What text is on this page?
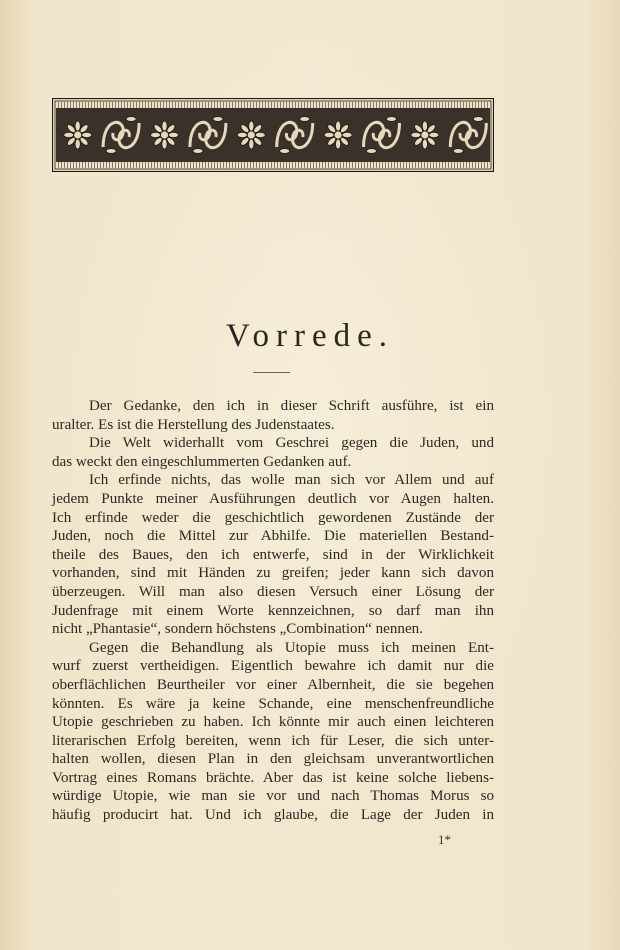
Vorrede.
Der Gedanke, den ich in dieser Schrift ausführe, ist ein
uralter. Es ist die Herstellung des Judenstaates.
Die Welt widerhallt vom Geschrei gegen die Juden, und
das weckt den eingeschlummerten Gedanken auf.
Ich erfinde nichts, das wolle man sich vor Allem und auf
jedem Punkte meiner Ausführungen deutlich vor Augen halten.
Ich erfinde weder die geschichtlich gewordenen Zustände der
Juden, noch die Mittel zur Abhilfe. Die materiellen Bestand-
theile des Baues, den ich entwerfe, sind in der Wirklichkeit
vorhanden, sind mit Händen zu greifen; jeder kann sich davon
überzeugen. Will man also diesen Versuch einer Lösung der
Judenfrage mit einem Worte kennzeichnen, so darf man ihn
nicht „Phantasie“, sondern höchstens „Combination“ nennen.
Gegen die Behandlung als Utopie muss ich meinen Ent-
wurf zuerst vertheidigen. Eigentlich bewahre ich damit nur die
oberflächlichen Beurtheiler vor einer Albernheit, die sie begehen
könnten. Es wäre ja keine Schande, eine menschenfreundliche
Utopie geschrieben zu haben. Ich könnte mir auch einen leichteren
literarischen Erfolg bereiten, wenn ich für Leser, die sich unter-
halten wollen, diesen Plan in den gleichsam unverantwortlichen
Vortrag eines Romans brächte. Aber das ist keine solche liebens-
würdige Utopie, wie man sie vor und nach Thomas Morus so
häufig producirt hat. Und ich glaube, die Lage der Juden in
1*
